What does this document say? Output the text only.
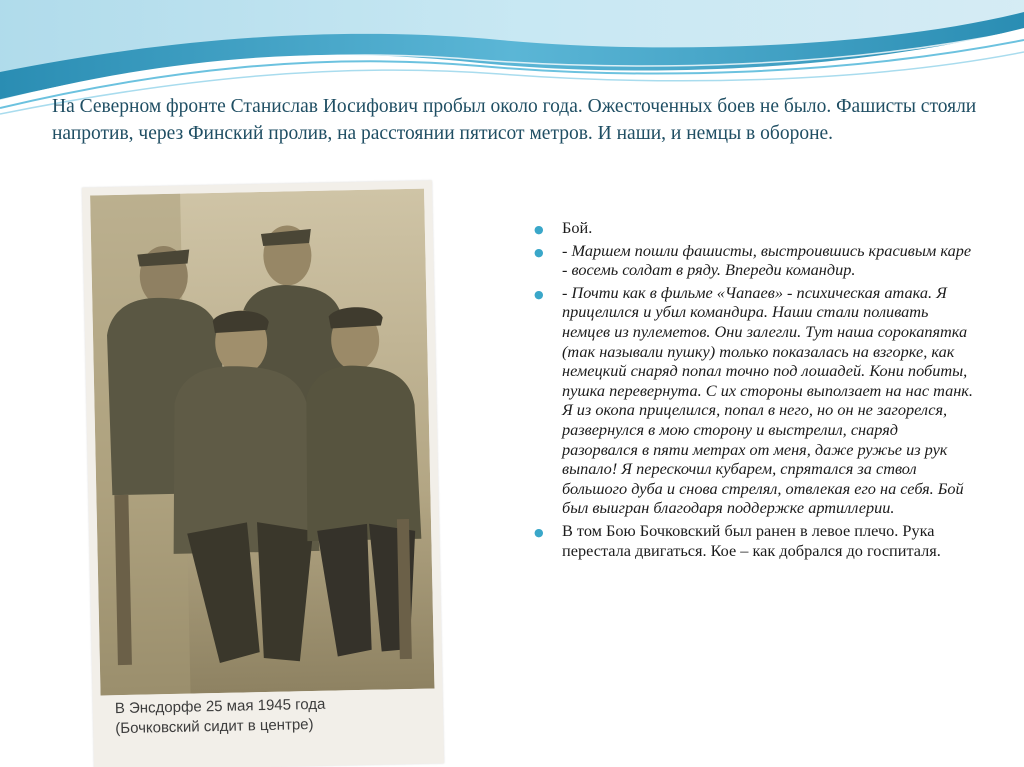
На Северном фронте Станислав Иосифович пробыл около года. Ожесточенных боев не было. Фашисты стояли напротив, через Финский пролив, на расстоянии пятисот метров. И наши, и немцы в обороне.

В Энсдорфе 25 мая 1945 года
(Бочковский сидит в центре)

● Бой.
● - Маршем пошли фашисты, выстроившись красивым каре - восемь солдат в ряду. Впереди командир.
● - Почти как в фильме «Чапаев» - психическая атака. Я прицелился и убил командира. Наши стали поливать немцев из пулеметов. Они залегли. Тут наша сорокапятка (так называли пушку) только показалась на взгорке, как немецкий снаряд попал точно под лошадей. Кони побиты, пушка перевернута. С их стороны выползает на нас танк. Я из окопа прицелился, попал в него, но он не загорелся, развернулся в мою сторону и выстрелил, снаряд разорвался в пяти метрах от меня, даже ружье из рук выпало! Я перескочил кубарем, спрятался за ствол большого дуба и снова стрелял, отвлекая его на себя. Бой был выигран благодаря поддержке артиллерии.
● В том Бою Бочковский был ранен в левое плечо. Рука перестала двигаться. Кое – как добрался до госпиталя.
